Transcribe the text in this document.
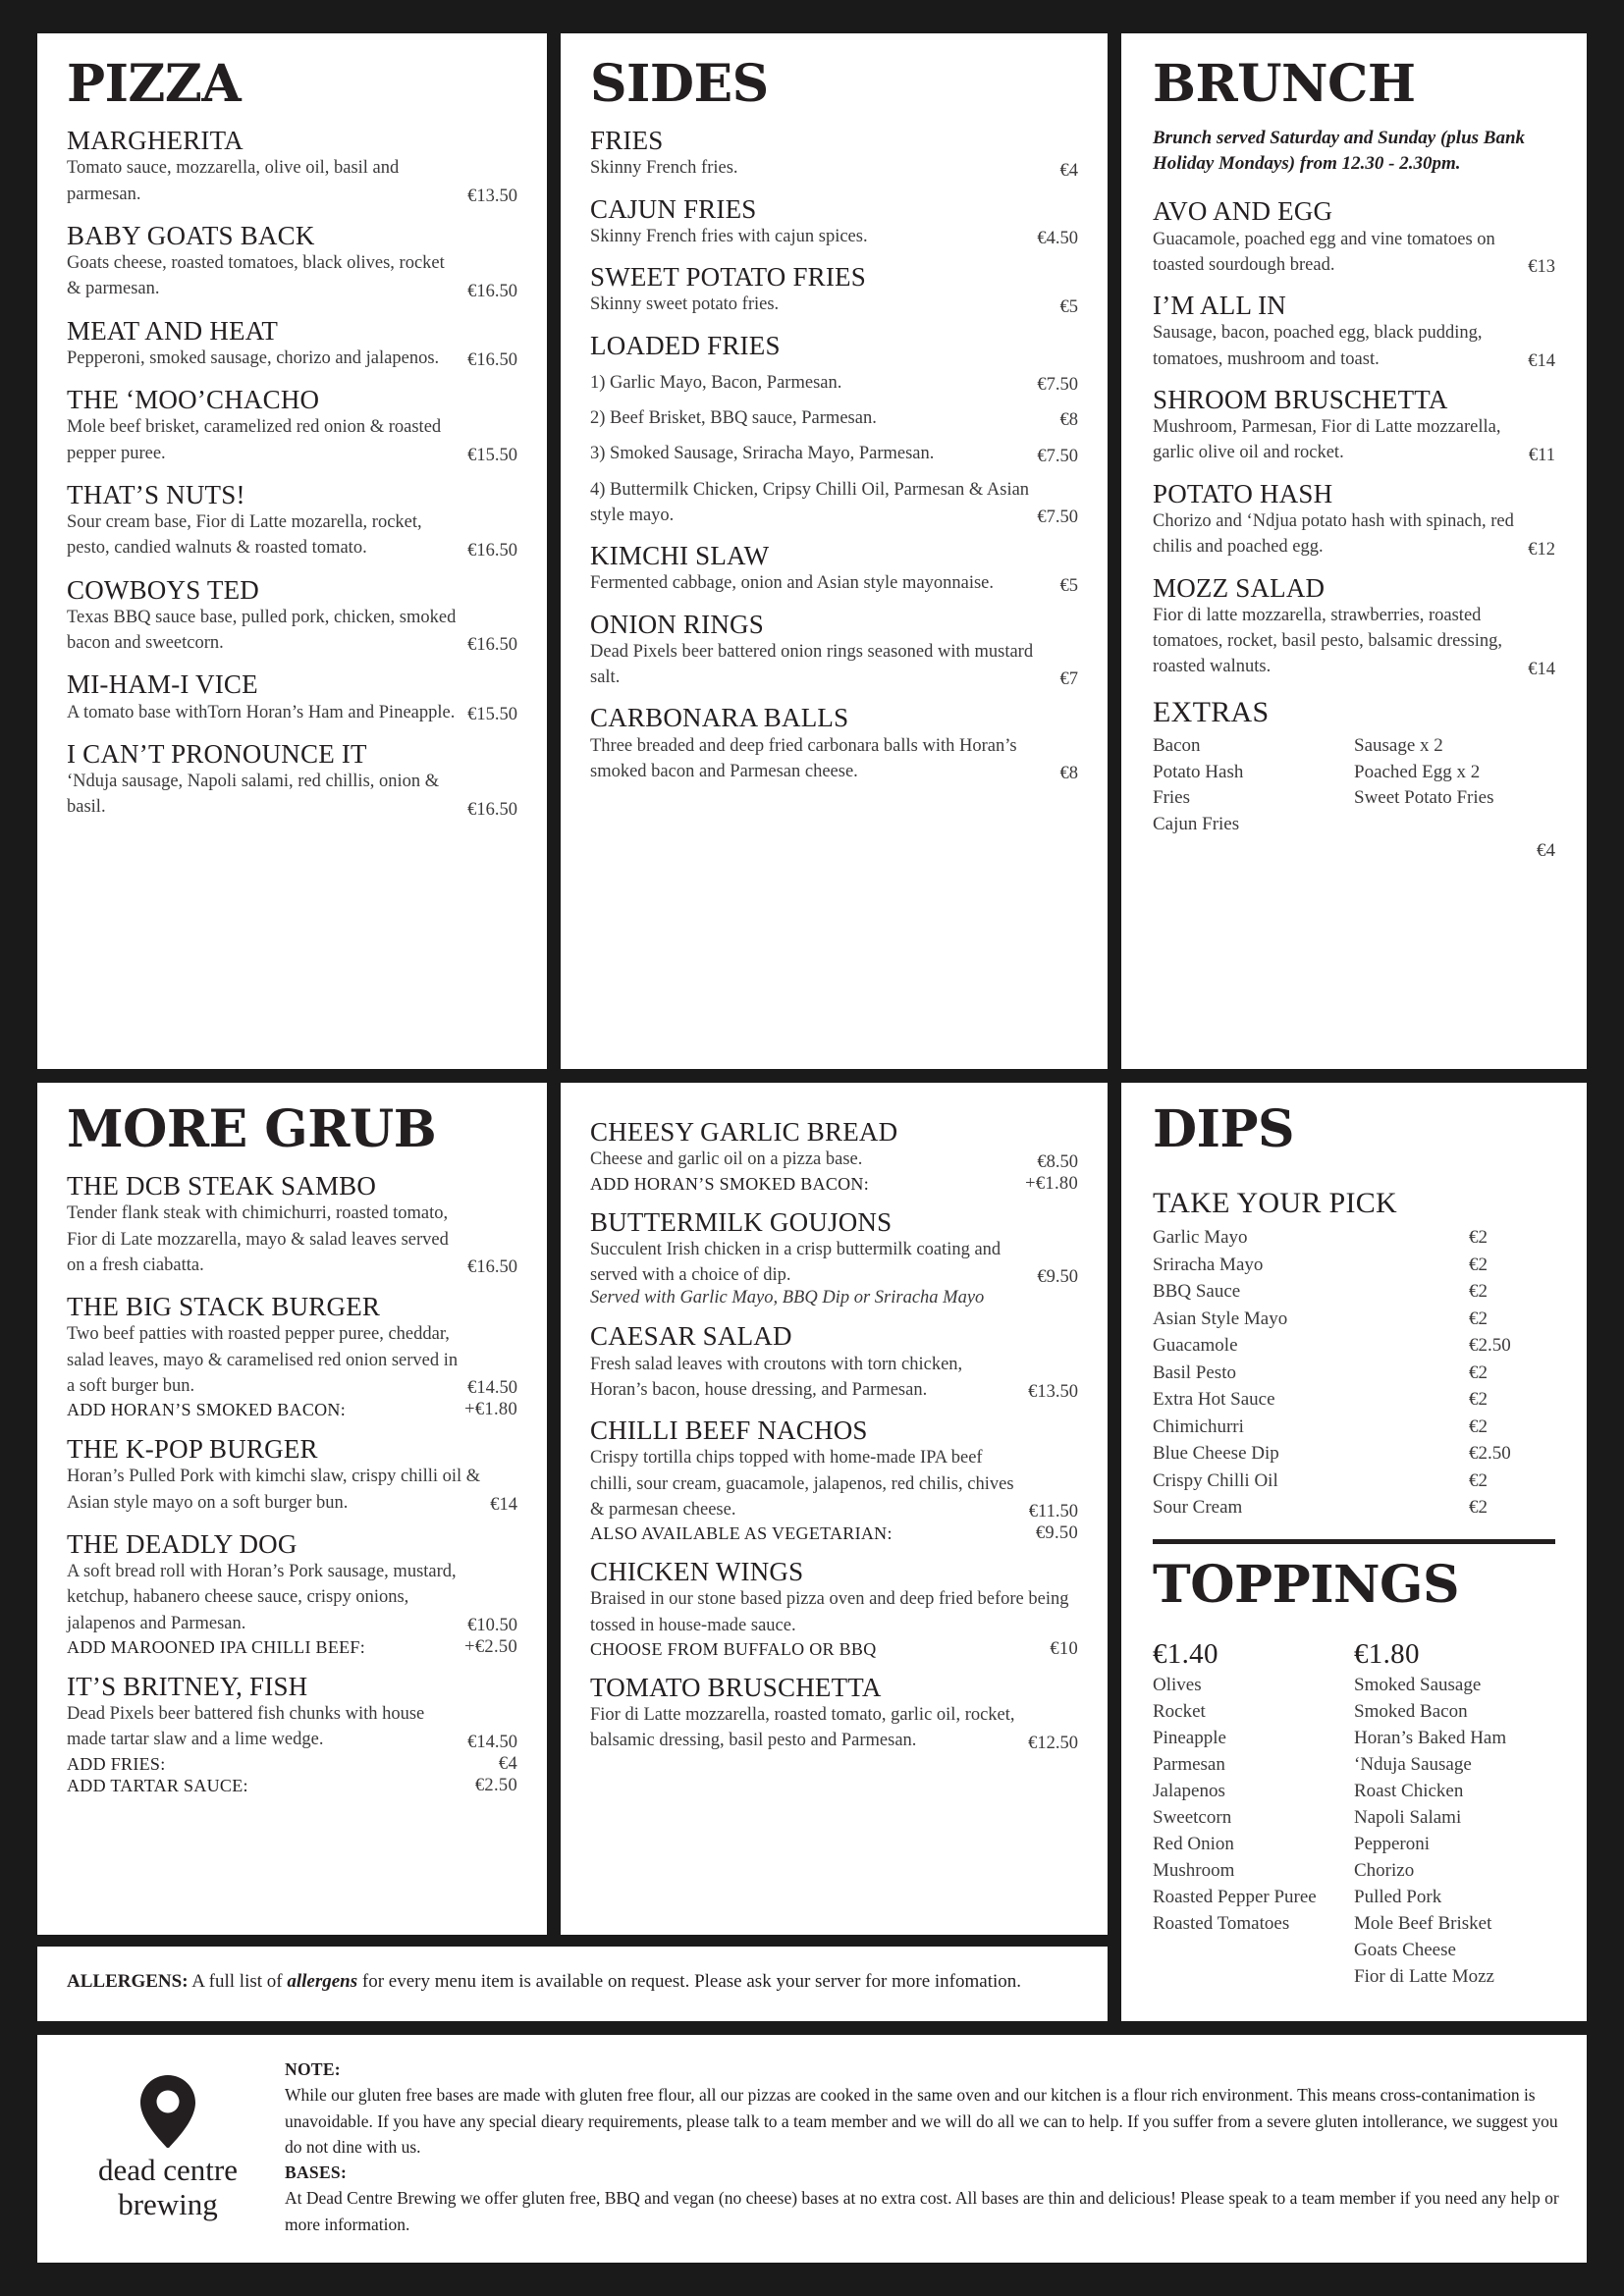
PIZZA
MARGHERITA
Tomato sauce, mozzarella, olive oil, basil and parmesan.	€13.50
BABY GOATS BACK
Goats cheese, roasted tomatoes, black olives, rocket & parmesan.	€16.50
MEAT AND HEAT
Pepperoni, smoked sausage, chorizo and jalapenos.	€16.50
THE ‘MOO’CHACHO
Mole beef brisket, caramelized red onion & roasted pepper puree.	€15.50
THAT’S NUTS!
Sour cream base, Fior di Latte mozarella, rocket, pesto, candied walnuts & roasted tomato.	€16.50
COWBOYS TED
Texas BBQ sauce base, pulled pork, chicken, smoked bacon and sweetcorn.	€16.50
MI-HAM-I VICE
A tomato base withTorn Horan’s Ham and Pineapple. €15.50
I CAN’T PRONOUNCE IT
‘Nduja sausage, Napoli salami, red chillis, onion & basil.	€16.50
SIDES
FRIES
Skinny French fries.	€4
CAJUN FRIES
Skinny French fries with cajun spices.	€4.50
SWEET POTATO FRIES
Skinny sweet potato fries.	€5
LOADED FRIES
1) Garlic Mayo, Bacon, Parmesan.	€7.50
2) Beef Brisket, BBQ sauce, Parmesan.	€8
3) Smoked Sausage, Sriracha Mayo, Parmesan.	€7.50
4) Buttermilk Chicken, Cripsy Chilli Oil, Parmesan & Asian style mayo.	€7.50
KIMCHI SLAW
Fermented cabbage, onion and Asian style mayonnaise.	€5
ONION RINGS
Dead Pixels beer battered onion rings seasoned with mustard salt.	€7
CARBONARA BALLS
Three breaded and deep fried carbonara balls with Horan’s smoked bacon and Parmesan cheese.	€8
BRUNCH
Brunch served Saturday and Sunday (plus Bank Holiday Mondays) from 12.30 - 2.30pm.
AVO AND EGG
Guacamole, poached egg and vine tomatoes on toasted sourdough bread.	€13
I’M ALL IN
Sausage, bacon, poached egg, black pudding, tomatoes, mushroom and toast.	€14
SHROOM BRUSCHETTA
Mushroom, Parmesan, Fior di Latte mozzarella, garlic olive oil and rocket.	€11
POTATO HASH
Chorizo and ‘Ndjua potato hash with spinach, red chilis and poached egg.	€12
MOZZ SALAD
Fior di latte mozzarella, strawberries, roasted tomatoes, rocket, basil pesto, balsamic dressing, roasted walnuts.	€14
EXTRAS
Bacon
Potato Hash
Fries
Cajun Fries
Sausage x 2
Poached Egg x 2
Sweet Potato Fries
€4
MORE GRUB
THE DCB STEAK SAMBO
Tender flank steak with chimichurri, roasted tomato, Fior di Late mozzarella, mayo & salad leaves served on a fresh ciabatta.	€16.50
THE BIG STACK BURGER
Two beef patties with roasted pepper puree, cheddar, salad leaves, mayo & caramelised red onion served in a soft burger bun.	€14.50
ADD HORAN’S SMOKED BACON:	+€1.80
THE K-POP BURGER
Horan’s Pulled Pork with kimchi slaw, crispy chilli oil & Asian style mayo on a soft burger bun.	€14
THE DEADLY DOG
A soft bread roll with Horan’s Pork sausage, mustard, ketchup, habanero cheese sauce, crispy onions, jalapenos and Parmesan.	€10.50
ADD MAROONED IPA CHILLI BEEF:	+€2.50
IT’S BRITNEY, FISH
Dead Pixels beer battered fish chunks with house made tartar slaw and a lime wedge.	€14.50
ADD FRIES:	€4
ADD TARTAR SAUCE:	€2.50
CHEESY GARLIC BREAD
Cheese and garlic oil on a pizza base.	€8.50
ADD HORAN’S SMOKED BACON:	+€1.80
BUTTERMILK GOUJONS
Succulent Irish chicken in a crisp buttermilk coating and served with a choice of dip.	€9.50
Served with Garlic Mayo, BBQ Dip or Sriracha Mayo
CAESAR SALAD
Fresh salad leaves with croutons with torn chicken, Horan’s bacon, house dressing, and Parmesan.	€13.50
CHILLI BEEF NACHOS
Crispy tortilla chips topped with home-made IPA beef chilli, sour cream, guacamole, jalapenos, red chilis, chives & parmesan cheese.	€11.50
ALSO AVAILABLE AS VEGETARIAN:	€9.50
CHICKEN WINGS
Braised in our stone based pizza oven and deep fried before being tossed in house-made sauce.
CHOOSE FROM BUFFALO OR BBQ	€10
TOMATO BRUSCHETTA
Fior di Latte mozzarella, roasted tomato, garlic oil, rocket, balsamic dressing, basil pesto and Parmesan.	€12.50
ALLERGENS: A full list of allergens for every menu item is available on request. Please ask your server for more infomation.
DIPS
TAKE YOUR PICK
Garlic Mayo	€2
Sriracha Mayo	€2
BBQ Sauce	€2
Asian Style Mayo	€2
Guacamole	€2.50
Basil Pesto	€2
Extra Hot Sauce	€2
Chimichurri	€2
Blue Cheese Dip	€2.50
Crispy Chilli Oil	€2
Sour Cream	€2
TOPPINGS
€1.40
Olives
Rocket
Pineapple
Parmesan
Jalapenos
Sweetcorn
Red Onion
Mushroom
Roasted Pepper Puree
Roasted Tomatoes
€1.80
Smoked Sausage
Smoked Bacon
Horan’s Baked Ham
‘Nduja Sausage
Roast Chicken
Napoli Salami
Pepperoni
Chorizo
Pulled Pork
Mole Beef Brisket
Goats Cheese
Fior di Latte Mozz
dead centre
brewing
NOTE:
While our gluten free bases are made with gluten free flour, all our pizzas are cooked in the same oven and our kitchen is a flour rich environment. This means cross-contanimation is unavoidable. If you have any special dieary requirements, please talk to a team member and we will do all we can to help. If you suffer from a severe gluten intollerance, we suggest you do not dine with us.
BASES:
At Dead Centre Brewing we offer gluten free, BBQ and vegan (no cheese) bases at no extra cost. All bases are thin and delicious! Please speak to a team member if you need any help or more information.
